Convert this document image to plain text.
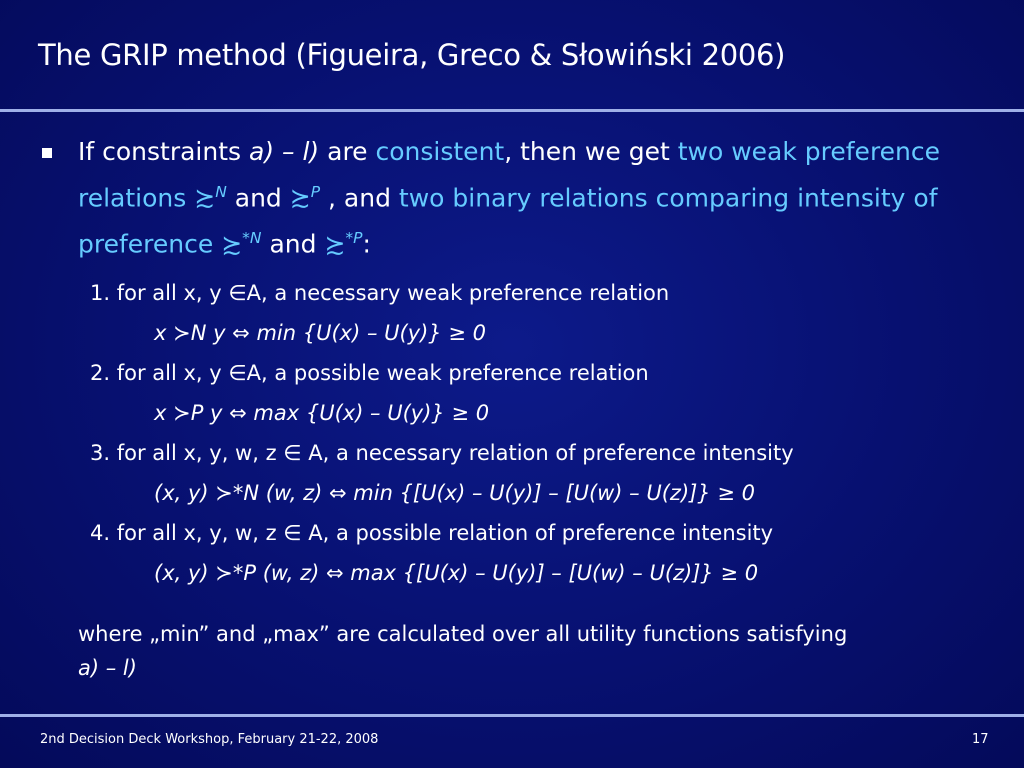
The GRIP method (Figueira, Greco & Słowiński 2006)
If constraints a) – l) are consistent, then we get two weak preference relations ≿$^N$ and ≿$^P$ , and two binary relations comparing intensity of preference ≿$^{*N}$ and ≿$^{*P}$:
1. for all x, y ∈A, a necessary weak preference relation
x ≻N y ⇔ min {U(x) – U(y)} ≥ 0
2. for all x, y ∈A, a possible weak preference relation
x ≻P y ⇔ max {U(x) – U(y)} ≥ 0
3. for all x, y, w, z ∈ A, a necessary relation of preference intensity
(x, y) ≻*N (w, z) ⇔ min {[U(x) – U(y)] – [U(w) – U(z)]} ≥ 0
4. for all x, y, w, z ∈ A, a possible relation of preference intensity
(x, y) ≻*P (w, z) ⇔ max {[U(x) – U(y)] – [U(w) – U(z)]} ≥ 0
where „min” and „max” are calculated over all utility functions satisfying
a) – l)
2nd Decision Deck Workshop, February 21-22, 2008	17
